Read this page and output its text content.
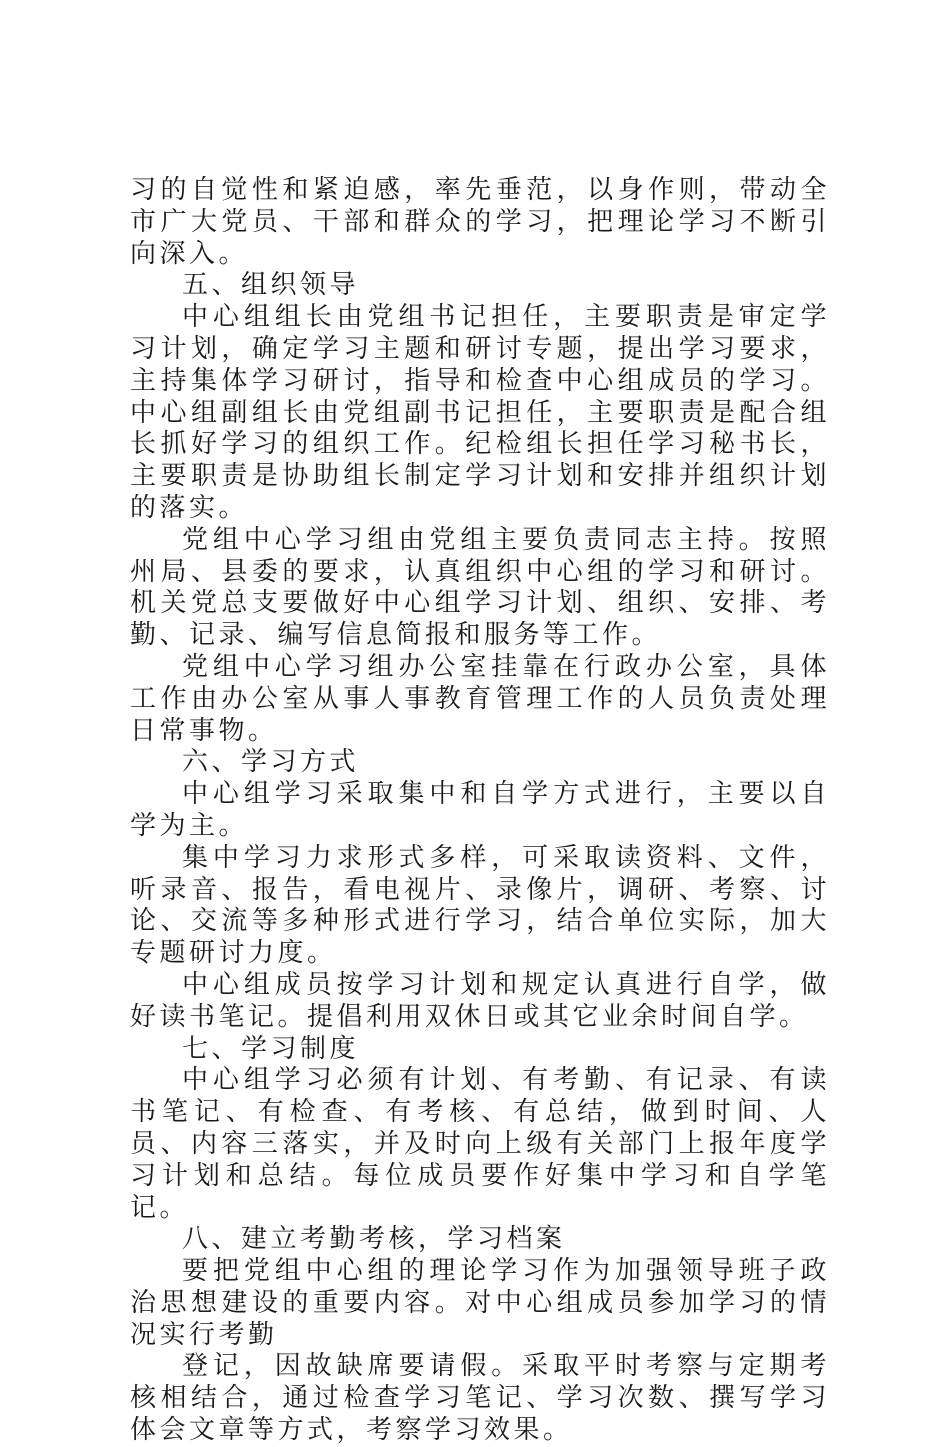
习的自觉性和紧迫感，率先垂范，以身作则，带动全市广大党员、干部和群众的学习，把理论学习不断引向深入。

五、组织领导

中心组组长由党组书记担任，主要职责是审定学习计划，确定学习主题和研讨专题，提出学习要求，主持集体学习研讨，指导和检查中心组成员的学习。中心组副组长由党组副书记担任，主要职责是配合组长抓好学习的组织工作。纪检组长担任学习秘书长，主要职责是协助组长制定学习计划和安排并组织计划的落实。

党组中心学习组由党组主要负责同志主持。按照州局、县委的要求，认真组织中心组的学习和研讨。机关党总支要做好中心组学习计划、组织、安排、考勤、记录、编写信息简报和服务等工作。

党组中心学习组办公室挂靠在行政办公室，具体工作由办公室从事人事教育管理工作的人员负责处理日常事物。

六、学习方式

中心组学习采取集中和自学方式进行，主要以自学为主。

集中学习力求形式多样，可采取读资料、文件，听录音、报告，看电视片、录像片，调研、考察、讨论、交流等多种形式进行学习，结合单位实际，加大专题研讨力度。

中心组成员按学习计划和规定认真进行自学，做好读书笔记。提倡利用双休日或其它业余时间自学。

七、学习制度

中心组学习必须有计划、有考勤、有记录、有读书笔记、有检查、有考核、有总结，做到时间、人员、内容三落实，并及时向上级有关部门上报年度学习计划和总结。每位成员要作好集中学习和自学笔记。

八、建立考勤考核，学习档案

要把党组中心组的理论学习作为加强领导班子政治思想建设的重要内容。对中心组成员参加学习的情况实行考勤

登记，因故缺席要请假。采取平时考察与定期考核相结合，通过检查学习笔记、学习次数、撰写学习体会文章等方式，考察学习效果。
